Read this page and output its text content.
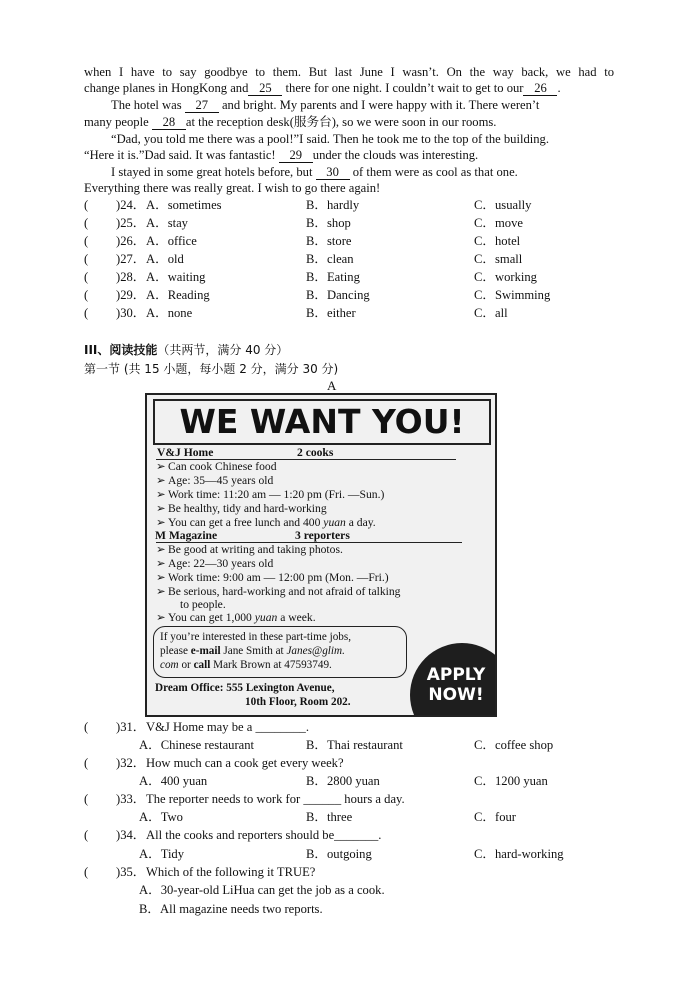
when I have to say goodbye to them. But last June I wasn’t. On the way back, we had to
change planes in HongKong and 25 there for one night. I couldn’t wait to get to our 26 .
The hotel was 27 and bright. My parents and I were happy with it. There weren’t
many people 28 at the reception desk(服务台), so we were soon in our rooms.
“Dad, you told me there was a pool!”I said. Then he took me to the top of the building.
“Here it is.”Dad said. It was fantastic! 29 under the clouds was interesting.
I stayed in some great hotels before, but 30 of them were as cool as that one.
Everything there was really great. I wish to go there again!
( )24． A．sometimes	B．hardly	C．usually
( )25． A．stay	B．shop	C．move
( )26． A．office	B．store	C．hotel
( )27． A．old	B．clean	C．small
( )28． A．waiting	B．Eating	C．working
( )29． A．Reading	B．Dancing	C．Swimming
( )30． A．none	B．either	C．all
III、阅读技能（共两节，满分 40 分）
第一节 (共 15 小题，每小题 2 分，满分 30 分)
A
WE WANT YOU!
V&J Home	2 cooks
➢ Can cook Chinese food
➢ Age: 35—45 years old
➢ Work time: 11:20 am — 1:20 pm (Fri. —Sun.)
➢ Be healthy, tidy and hard-working
➢ You can get a free lunch and 400 yuan a day.
M Magazine	3 reporters
➢ Be good at writing and taking photos.
➢ Age: 22—30 years old
➢ Work time: 9:00 am — 12:00 pm (Mon. —Fri.)
➢ Be serious, hard-working and not afraid of talking
to people.
➢ You can get 1,000 yuan a week.
If you’re interested in these part-time jobs,
please e-mail Jane Smith at Janes@glim.
com or call Mark Brown at 47593749.
Dream Office: 555 Lexington Avenue,
10th Floor, Room 202.
APPLY
NOW!
( )31． V&J Home may be a ________.
A．Chinese restaurant	B．Thai restaurant	C．coffee shop
( )32． How much can a cook get every week?
A．400 yuan	B．2800 yuan	C．1200 yuan
( )33． The reporter needs to work for ______ hours a day.
A．Two	B．three	C．four
( )34． All the cooks and reporters should be_______.
A．Tidy	B．outgoing	C．hard-working
( )35． Which of the following it TRUE?
A．30-year-old LiHua can get the job as a cook.
B．All magazine needs two reports.
